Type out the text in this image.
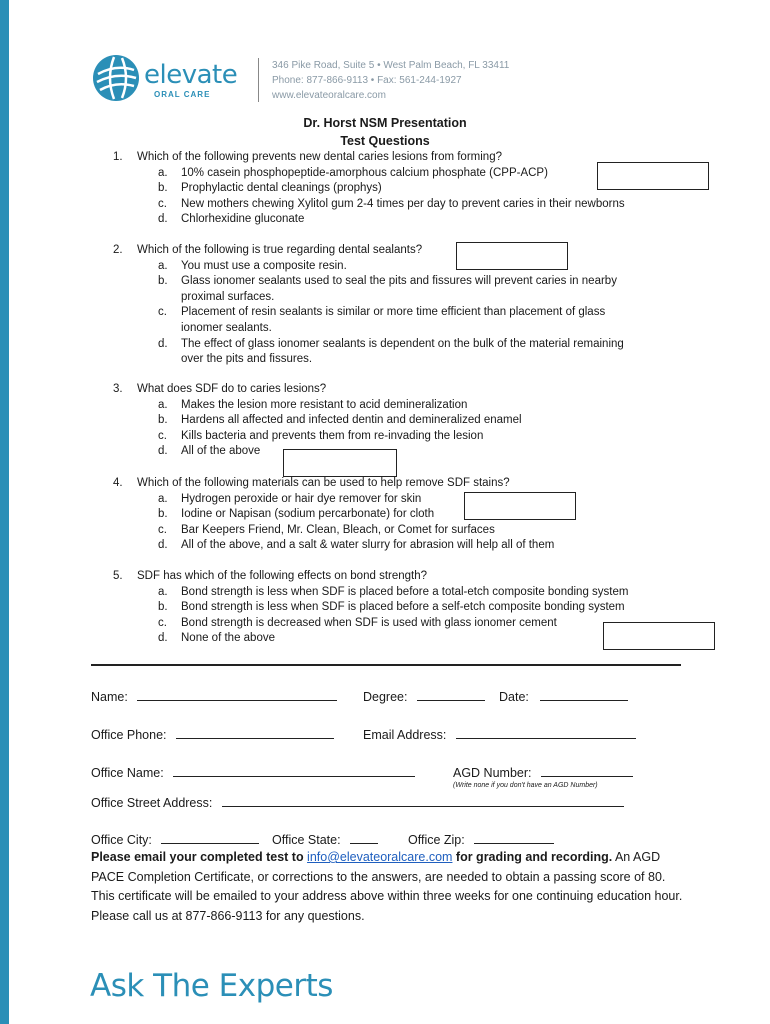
elevate
ORAL CARE
346 Pike Road, Suite 5 • West Palm Beach, FL 33411
Phone: 877-866-9113 • Fax: 561-244-1927
www.elevateoralcare.com
Dr. Horst NSM Presentation
Test Questions
1. Which of the following prevents new dental caries lesions from forming?
a. 10% casein phosphopeptide-amorphous calcium phosphate (CPP-ACP)
b. Prophylactic dental cleanings (prophys)
c. New mothers chewing Xylitol gum 2-4 times per day to prevent caries in their newborns
d. Chlorhexidine gluconate
2. Which of the following is true regarding dental sealants?
a. You must use a composite resin.
b. Glass ionomer sealants used to seal the pits and fissures will prevent caries in nearby
proximal surfaces.
c. Placement of resin sealants is similar or more time efficient than placement of glass
ionomer sealants.
d. The effect of glass ionomer sealants is dependent on the bulk of the material remaining
over the pits and fissures.
3. What does SDF do to caries lesions?
a. Makes the lesion more resistant to acid demineralization
b. Hardens all affected and infected dentin and demineralized enamel
c. Kills bacteria and prevents them from re-invading the lesion
d. All of the above
4. Which of the following materials can be used to help remove SDF stains?
a. Hydrogen peroxide or hair dye remover for skin
b. Iodine or Napisan (sodium percarbonate) for cloth
c. Bar Keepers Friend, Mr. Clean, Bleach, or Comet for surfaces
d. All of the above, and a salt & water slurry for abrasion will help all of them
5. SDF has which of the following effects on bond strength?
a. Bond strength is less when SDF is placed before a total-etch composite bonding system
b. Bond strength is less when SDF is placed before a self-etch composite bonding system
c. Bond strength is decreased when SDF is used with glass ionomer cement
d. None of the above
Name:	Degree:	Date:
Office Phone:	Email Address:
Office Name:	AGD Number:
(Write none if you don't have an AGD Number)
Office Street Address:
Office City:	Office State:	Office Zip:
Please email your completed test to info@elevateoralcare.com for grading and recording. An AGD PACE Completion Certificate, or corrections to the answers, are needed to obtain a passing score of 80. This certificate will be emailed to your address above within three weeks for one continuing education hour. Please call us at 877-866-9113 for any questions.
Ask The Experts
